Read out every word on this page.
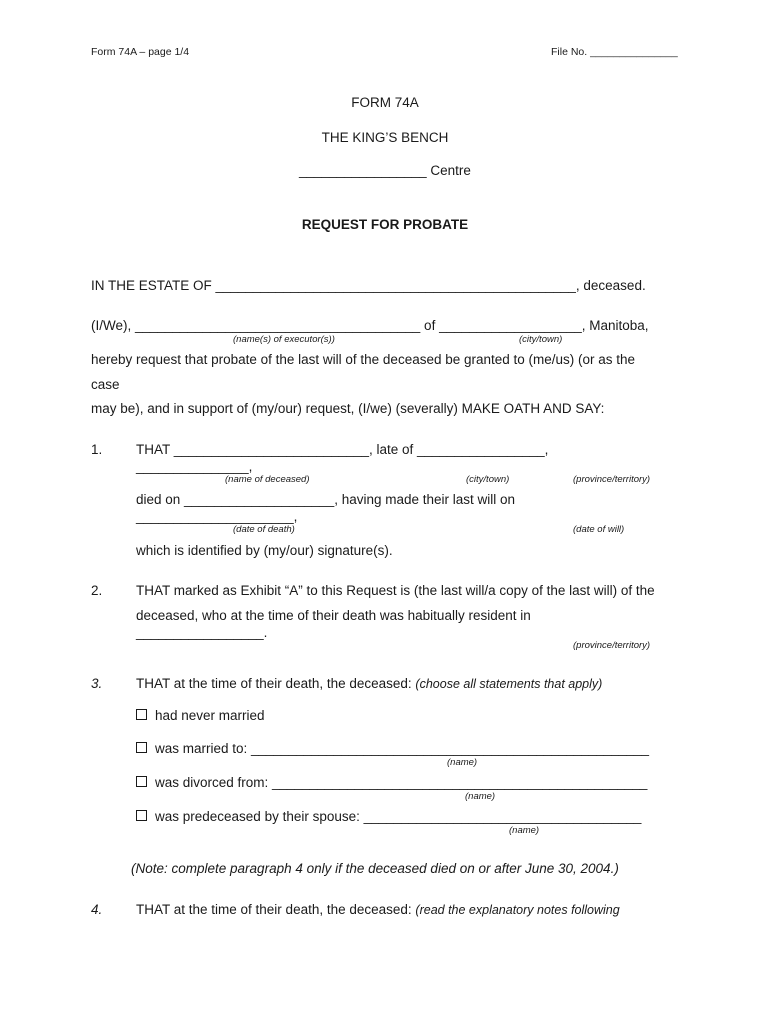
Form 74A – page 1/4	File No. _______________
FORM 74A
THE KING’S BENCH
_________________ Centre
REQUEST FOR PROBATE
IN THE ESTATE OF ________________________________________________, deceased.
(I/We), ______________________________________ of ___________________, Manitoba,
(name(s) of executor(s))	(city/town)
hereby request that probate of the last will of the deceased be granted to (me/us) (or as the
case
may be), and in support of (my/our) request, (I/we) (severally) MAKE OATH AND SAY:
1. THAT __________________________, late of _________________,
_______________,
(name of deceased)	(city/town)	(province/territory)
died on ____________________, having made their last will on
_____________________,
(date of death)	(date of will)
which is identified by (my/our) signature(s).
2. THAT marked as Exhibit “A” to this Request is (the last will/a copy of the last will) of the
deceased, who at the time of their death was habitually resident in
_________________.
(province/territory)
3. THAT at the time of their death, the deceased: (choose all statements that apply)
had never married
was married to: _____________________________________________________
(name)
was divorced from: __________________________________________________
(name)
was predeceased by their spouse: _____________________________________
(name)
(Note: complete paragraph 4 only if the deceased died on or after June 30, 2004.)
4. THAT at the time of their death, the deceased: (read the explanatory notes following
